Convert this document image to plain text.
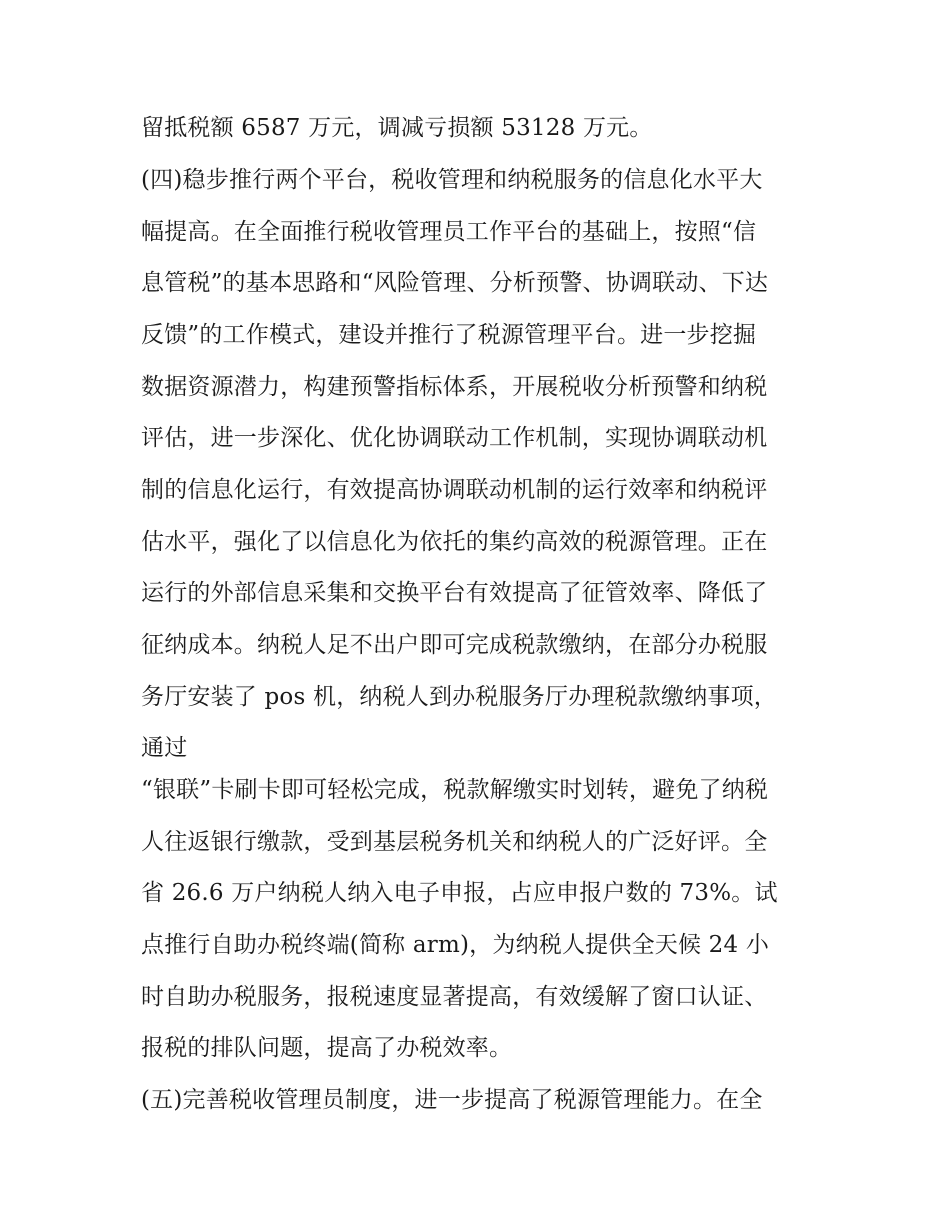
留抵税额 6587 万元，调减亏损额 53128 万元。
(四)稳步推行两个平台，税收管理和纳税服务的信息化水平大
幅提高。在全面推行税收管理员工作平台的基础上，按照“信
息管税”的基本思路和“风险管理、分析预警、协调联动、下达
反馈”的工作模式，建设并推行了税源管理平台。进一步挖掘
数据资源潜力，构建预警指标体系，开展税收分析预警和纳税
评估，进一步深化、优化协调联动工作机制，实现协调联动机
制的信息化运行，有效提高协调联动机制的运行效率和纳税评
估水平，强化了以信息化为依托的集约高效的税源管理。正在
运行的外部信息采集和交换平台有效提高了征管效率、降低了
征纳成本。纳税人足不出户即可完成税款缴纳，在部分办税服
务厅安装了 pos 机，纳税人到办税服务厅办理税款缴纳事项，
通过
“银联”卡刷卡即可轻松完成，税款解缴实时划转，避免了纳税
人往返银行缴款，受到基层税务机关和纳税人的广泛好评。全
省 26.6 万户纳税人纳入电子申报，占应申报户数的 73%。试
点推行自助办税终端(简称 arm)，为纳税人提供全天候 24 小
时自助办税服务，报税速度显著提高，有效缓解了窗口认证、
报税的排队问题，提高了办税效率。
(五)完善税收管理员制度，进一步提高了税源管理能力。在全
